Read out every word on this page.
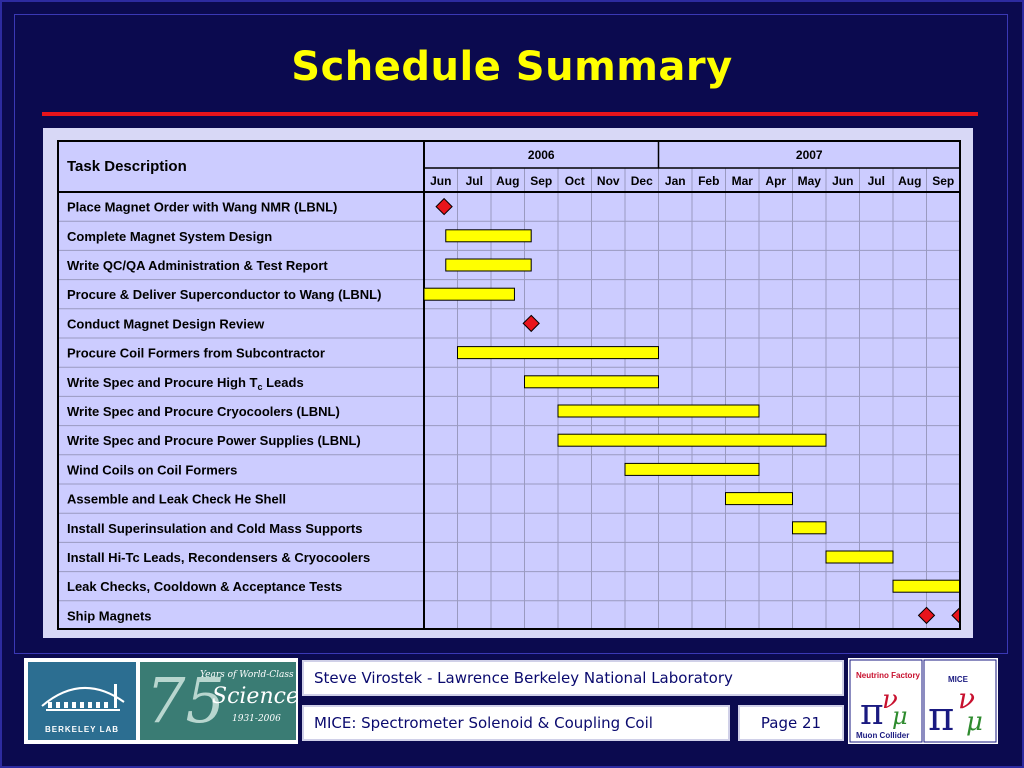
Schedule Summary
2006	2007
Jun Jul Aug Sep Oct Nov Dec Jan Feb Mar Apr May Jun Jul Aug Sep
Task Description
Place Magnet Order with Wang NMR (LBNL)
Complete Magnet System Design
Write QC/QA Administration & Test Report
Procure & Deliver Superconductor to Wang (LBNL)
Conduct Magnet Design Review
Procure Coil Formers from Subcontractor
Write Spec and Procure High $T_c$ Leads
Write Spec and Procure Cryocoolers (LBNL)
Write Spec and Procure Power Supplies (LBNL)
Wind Coils on Coil Formers
Assemble and Leak Check He Shell
Install Superinsulation and Cold Mass Supports
Install Hi-Tc Leads, Recondensers & Cryocoolers
Leak Checks, Cooldown & Acceptance Tests
Ship Magnets
BERKELEY LAB 75
Years of World-Class
Science
1931-2006
Steve Virostek - Lawrence Berkeley National Laboratory
MICE: Spectrometer Solenoid & Coupling Coil	Page 21
Neutrino Factory
Muon Collider
π
ν
μ
MICE
π ν
μ
